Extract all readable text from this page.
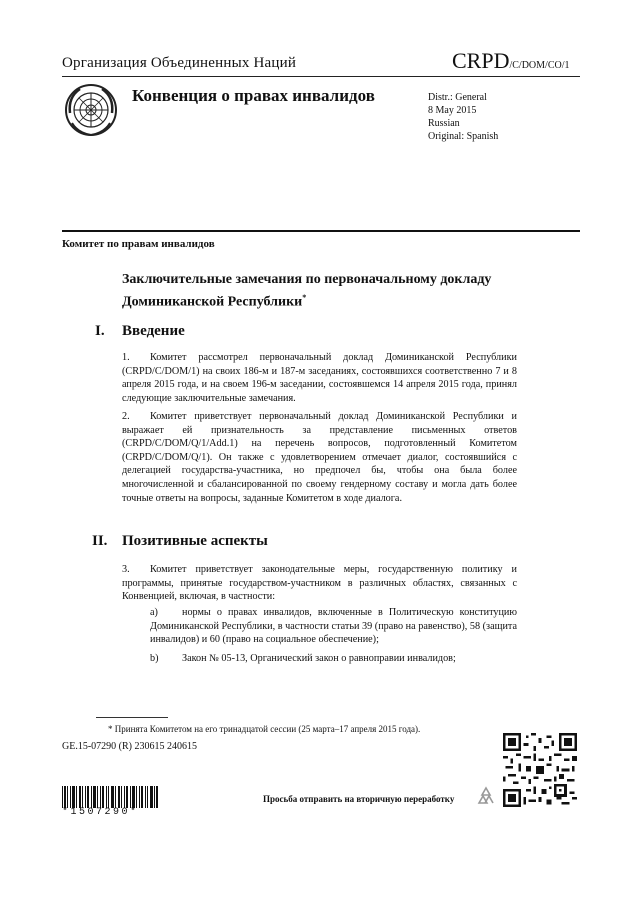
Организация Объединенных Наций	CRPD/C/DOM/CO/1
Конвенция о правах инвалидов	Distr.: General
8 May 2015
Russian
Original: Spanish
Комитет по правам инвалидов
Заключительные замечания по первоначальному докладу Доминиканской Республики*
I. Введение
1. Комитет рассмотрел первоначальный доклад Доминиканской Республики (CRPD/C/DOM/1) на своих 186-м и 187-м заседаниях, состоявшихся соответственно 7 и 8 апреля 2015 года, и на своем 196-м заседании, состоявшемся 14 апреля 2015 года, принял следующие заключительные замечания.
2. Комитет приветствует первоначальный доклад Доминиканской Республики и выражает ей признательность за представление письменных ответов (CRPD/C/DOM/Q/1/Add.1) на перечень вопросов, подготовленный Комитетом (CRPD/C/DOM/Q/1). Он также с удовлетворением отмечает диалог, состоявшийся с делегацией государства-участника, но предпочел бы, чтобы она была более многочисленной и сбалансированной по своему гендерному составу и могла дать более точные ответы на вопросы, заданные Комитетом в ходе диалога.
II. Позитивные аспекты
3. Комитет приветствует законодательные меры, государственную политику и программы, принятые государством-участником в различных областях, связанных с Конвенцией, включая, в частности:
a) нормы о правах инвалидов, включенные в Политическую конституцию Доминиканской Республики, в частности статьи 39 (право на равенство), 58 (защита инвалидов) и 60 (право на социальное обеспечение);
b) Закон № 05-13, Органический закон о равноправии инвалидов;
* Принята Комитетом на его тринадцатой сессии (25 марта–17 апреля 2015 года).
GE.15-07290 (R) 230615 240615
*1507290*
Просьба отправить на вторичную переработку
